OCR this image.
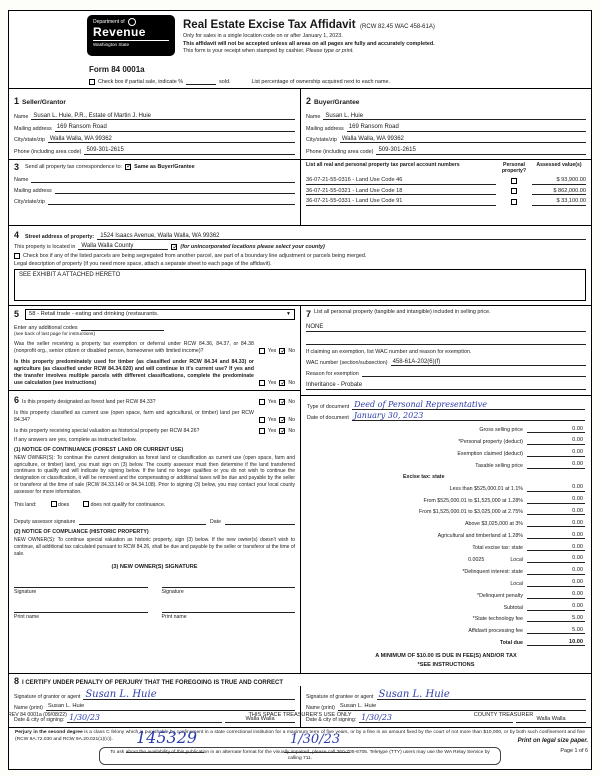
Department of
Revenue
Washington State
Real Estate Excise Tax Affidavit (RCW 82.45 WAC 458-61A)
Only for sales in a single location code on or after January 1, 2023.
This affidavit will not be accepted unless all areas on all pages are fully and accurately completed.
This form is your receipt when stamped by cashier. Please type or print.
Form 84 0001a
Check box if partial sale, indicate %	sold.	List percentage of ownership acquired next to each name.
1 Seller/Grantor
Name Susan L. Huie, P.R., Estate of Martin J. Huie
Mailing address 169 Ransom Road
City/state/zip Walla Walla, WA 99362
Phone (including area code) 509-301-2615
2 Buyer/Grantee
Name Susan L. Huie
Mailing address 169 Ransom Road
City/state/zip Walla Walla, WA 99362
Phone (including area code) 509-301-2615
3 Send all property tax correspondence to: ✓ Same as Buyer/Grantee
Name
Mailing address
City/state/zip
List all real and personal property tax parcel account numbers	Personal property?
Assessed value(s)
36-07-21-55-0316 - Land Use Code 46	$ 93,900.00
36-07-21-55-0321 - Land Use Code 18	$ 862,000.00
36-07-21-55-0331 - Land Use Code 91	$ 33,100.00
4 Street address of property:	1524 Isaacs Avenue, Walla Walla, WA 99362
This property is located in	Walla Walla County ✓	(for unincorporated locations please select your county)
Check box if any of the listed parcels are being segregated from another parcel, are part of a boundary line adjustment or parcels being merged.
Legal description of property (if you need more space, attach a separate sheet to each page of the affidavit).
SEE EXHIBIT A ATTACHED HERETO
5 58 - Retail trade - eating and drinking (restaurants.	▼
Enter any additional codes
(see back of last page for instructions)
Was the seller receiving a property tax exemption or deferral under RCW 84.36, 84.37, or 84.38 (nonprofit org., senior citizen or disabled person, homeowner with limited income)?	Yes ✓ No
Is this property predominately used for timber (as classified under RCW 84.34 and 84.33) or agriculture (as classified under RCW 84.34.020) and will continue in it's current use? If yes and the transfer involves multiple parcels with different classifications, complete the predominate use calculation (see instructions)	Yes ✓ No
6 Is this property designated as forest land per RCW 84.33?	Yes ✓ No
Is this property classified as current use (open space, farm and agricultural, or timber) land per RCW 84.34?	Yes ✓ No
Is this property receiving special valuation as historical property per RCW 84.26?	Yes ✓ No
If any answers are yes, complete as instructed below.
(1) NOTICE OF CONTINUANCE (FOREST LAND OR CURRENT USE)
NEW OWNER(S): To continue the current designation as forest land or classification as current use (open space, farm and agriculture, or timber) land, you must sign on (3) below. The county assessor must then determine if the land transferred continues to qualify and will indicate by signing below. If the land no longer qualifies or you do not wish to continue the designation or classification, it will be removed and the compensating or additional taxes will be due and payable by the seller or transferor at the time of sale (RCW 84.33.140 or 84.34.108). Prior to signing (3) below, you may contact your local county assessor for more information.
This land:	does	does not qualify for continuance.
Deputy assessor signature	Date
(2) NOTICE OF COMPLIANCE (HISTORIC PROPERTY)
NEW OWNER(S): To continue special valuation as historic property, sign (3) below. If the new owner(s) doesn't wish to continue, all additional tax calculated pursuant to RCW 84.26, shall be due and payable by the seller or transferor at the time of sale.
(3) NEW OWNER(S) SIGNATURE
Signature
Print name
Signature
Print name
7 List all personal property (tangible and intangible) included in selling price.
NONE
If claiming an exemption, list WAC number and reason for exemption.
WAC number (section/subsection) 458-61A-202(6)(f)
Reason for exemption
Inheritance - Probate
Type of document Deed of Personal Representative
Date of document January 30, 2023
Gross selling price	0.00
*Personal property (deduct)	0.00
Exemption claimed (deduct)	0.00
Taxable selling price	0.00
Excise tax: state
Less than $525,000.01 at 1.1%	0.00
From $525,000.01 to $1,525,000 at 1.28%	0.00
From $1,525,000.01 to $3,025,000 at 2.75%	0.00
Above $3,025,000 at 3%	0.00
Agricultural and timberland at 1.28%	0.00
Total excise tax: state	0.00
0.0025	Local	0.00
*Delinquent interest: state	0.00
Local	0.00
*Delinquent penalty	0.00
Subtotal	0.00
*State technology fee	5.00
Affidavit processing fee	5.00
Total due	10.00
A MINIMUM OF $10.00 IS DUE IN FEE(S) AND/OR TAX
*SEE INSTRUCTIONS
8 I CERTIFY UNDER PENALTY OF PERJURY THAT THE FOREGOING IS TRUE AND CORRECT
Signature of grantor or agent Susan L. Huie
Name (print) Susan L. Huie
Date & city of signing: 1/30/23	Walla Walla
Signature of grantee or agent Susan L. Huie
Name (print) Susan L. Huie
Date & city of signing: 1/30/23	Walla Walla
Perjury in the second degree is a class C felony which is punishable by confinement in a state correctional institution for a maximum term of five years, or by a fine in an amount fixed by the court of not more than $10,000, or by both such confinement and fine (RCW 9A.72.030 and RCW 9A.20.021(1)(c)).
To ask about the availability of this publication in an alternate format for the visually impaired, please call 360-705-6705. Teletype (TTY) users may use the WA Relay Service by calling 711.
REV 84 0001a (09/08/22)	THIS SPACE TREASURER'S USE ONLY	COUNTY TREASURER
145329	1/30/23	Print on legal size paper.
Page 1 of 6
